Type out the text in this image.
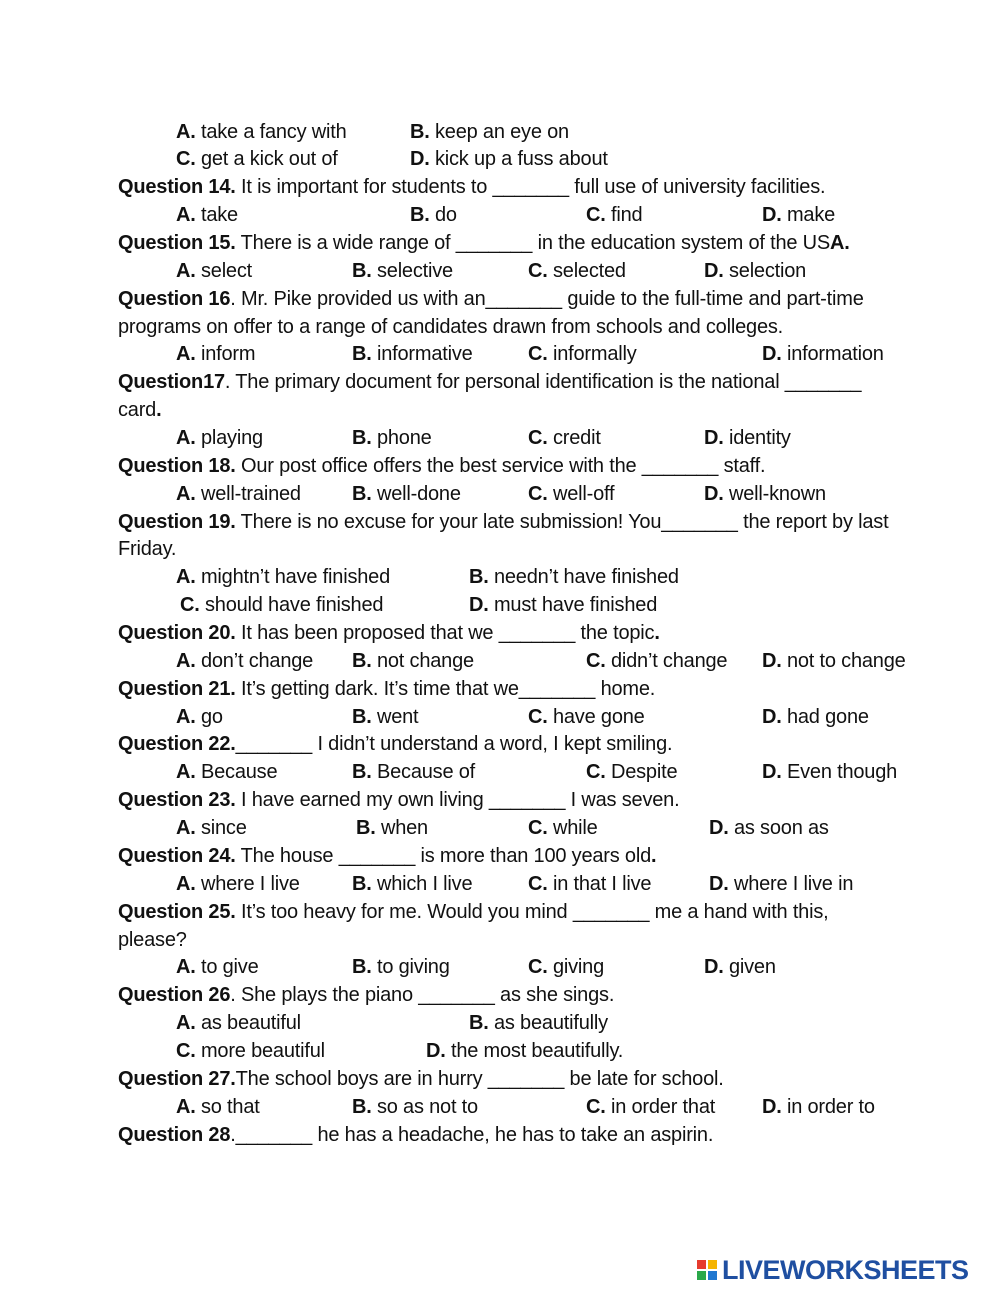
A. take a fancy with	B. keep an eye on
C. get a kick out of	D. kick up a fuss about
Question 14. It is important for students to _______ full use of university facilities.
A. take	B. do	C. find	D. make
Question 15. There is a wide range of _______ in the education system of the USA.
A. select	B. selective	C. selected	D. selection
Question 16. Mr. Pike provided us with an_______ guide to the full-time and part-time
programs on offer to a range of candidates drawn from schools and colleges.
A. inform	B. informative	C. informally	D. information
Question17. The primary document for personal identification is the national _______
card.
A. playing	B. phone	C. credit	D. identity
Question 18. Our post office offers the best service with the _______ staff.
A. well-trained	B. well-done	C. well-off	D. well-known
Question 19. There is no excuse for your late submission! You_______ the report by last
Friday.
A. mightn’t have finished	B. needn’t have finished
C. should have finished	D. must have finished
Question 20. It has been proposed that we _______ the topic.
A. don’t change B. not change	C. didn’t change D. not to change
Question 21. It’s getting dark. It’s time that we_______ home.
A. go	B. went	C. have gone	D. had gone
Question 22._______ I didn’t understand a word, I kept smiling.
A. Because	B. Because of	C. Despite	D. Even though
Question 23. I have earned my own living _______ I was seven.
A. since	B. when	C. while	D. as soon as
Question 24. The house _______ is more than 100 years old.
A. where I live	B. which I live	C. in that I live	D. where I live in
Question 25. It’s too heavy for me. Would you mind _______ me a hand with this,
please?
A. to give	B. to giving	C. giving	D. given
Question 26. She plays the piano _______ as she sings.
A. as beautiful	B. as beautifully
C. more beautiful	D. the most beautifully.
Question 27.The school boys are in hurry _______ be late for school.
A. so that	B. so as not to	C. in order that D. in order to
Question 28._______ he has a headache, he has to take an aspirin.
LIVEWORKSHEETS
